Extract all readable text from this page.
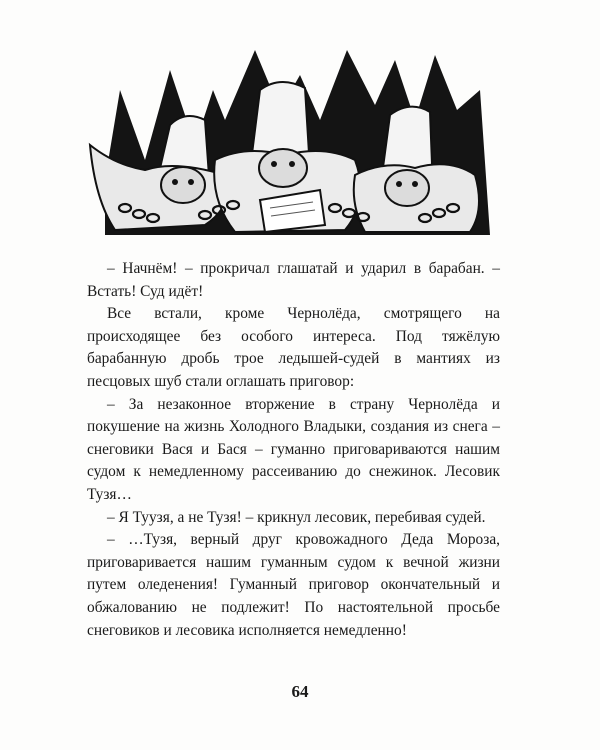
– Начнём! – прокричал глашатай и ударил в барабан. – Встать! Суд идёт!

Все встали, кроме Чернолёда, смотрящего на происходящее без особого интереса. Под тяжёлую барабанную дробь трое ледышей-судей в мантиях из песцовых шуб стали оглашать приговор:

– За незаконное вторжение в страну Чернолёда и покушение на жизнь Холодного Владыки, создания из снега – снеговики Вася и Бася – гуманно приговариваются нашим судом к немедленному рассеиванию до снежинок. Лесовик Тузя…

– Я Туузя, а не Тузя! – крикнул лесовик, перебивая судей.

– …Тузя, верный друг кровожадного Деда Мороза, приговаривается нашим гуманным судом к вечной жизни путем оледенения! Гуманный приговор окончательный и обжалованию не подлежит! По настоятельной просьбе снеговиков и лесовика исполняется немедленно!

64
